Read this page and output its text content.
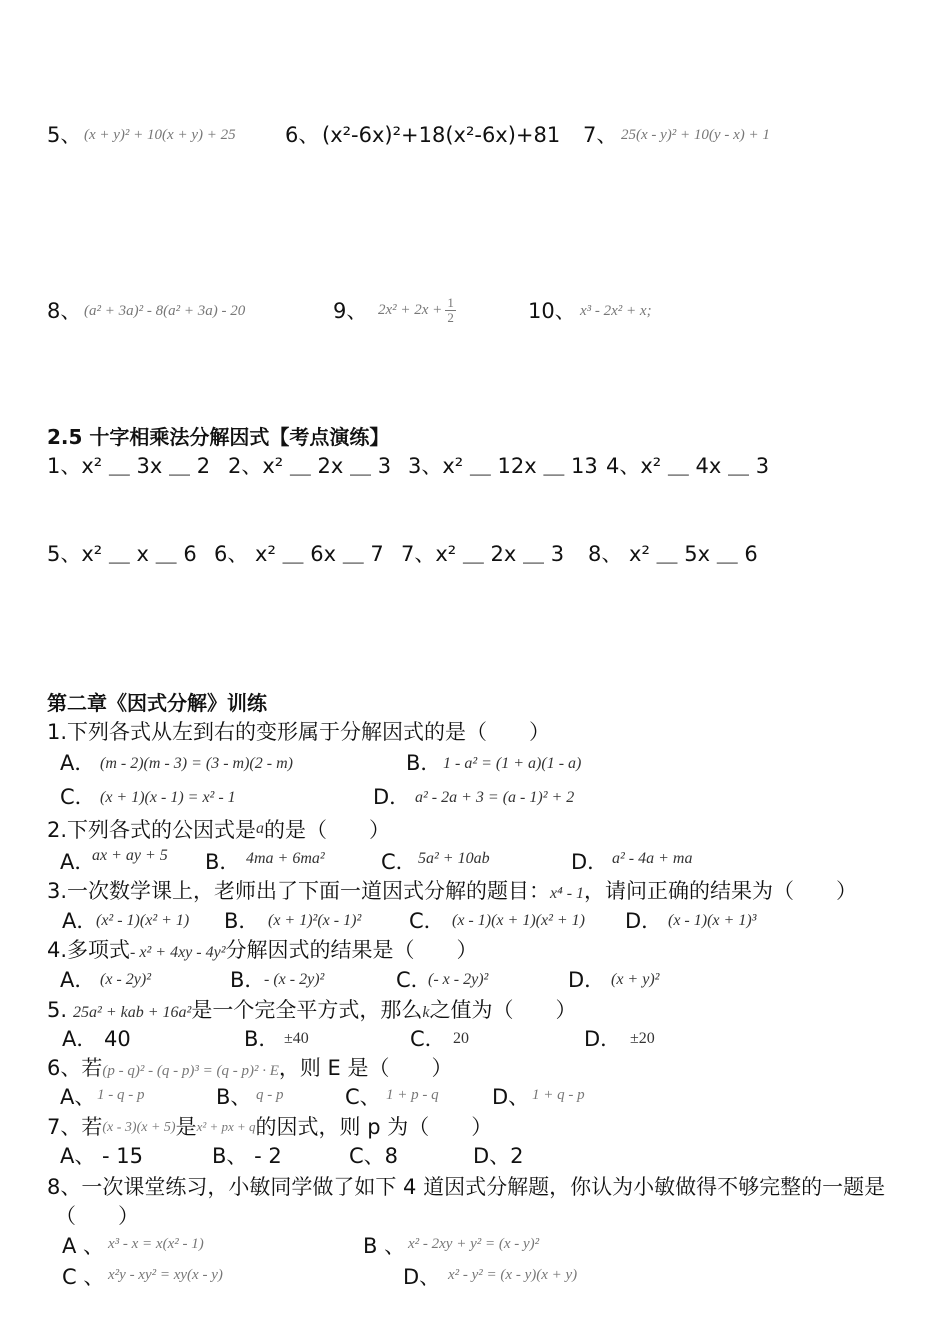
5、 (x + y)² + 10(x + y) + 25 6、 (x²-6x)²+18(x²-6x)+81 7、 25(x - y)² + 10(y - x) + 1
8、 (a² + 3a)² - 8(a² + 3a) - 20	9、 $2x^2 + 2x + \frac{1}{2}$	10、 x³ - 2x² + x;
2.5 十字相乘法分解因式【考点演练】
1、x² ＿ 3x ＿ 2 2、x² ＿ 2x ＿ 3 3、x² ＿ 12x ＿ 13 4、x² ＿ 4x ＿ 3
5、x² ＿ x ＿ 6 6、 x² ＿ 6x ＿ 7 7、x² ＿ 2x ＿ 3 8、 x² ＿ 5x ＿ 6
第二章《因式分解》训练
1.下列各式从左到右的变形属于分解因式的是（　　）
A． (m - 2)(m - 3) = (3 - m)(2 - m)	B． 1 - a² = (1 + a)(1 - a)
C． (x + 1)(x - 1) = x² - 1	D． a² - 2a + 3 = (a - 1)² + 2
2.下列各式的公因式是a的是（　　）
A．
ax + ay + 5 B． 4ma + 6ma²	C． 5a² + 10ab	D． a² - 4a + ma
3.一次数学课上，老师出了下面一道因式分解的题目：x⁴ - 1，请问正确的结果为（　　）
A．
(x² - 1)(x² + 1) B． (x + 1)²(x - 1)² C． (x - 1)(x + 1)(x² + 1) D． (x - 1)(x + 1)³
4.多项式- x² + 4xy - 4y²分解因式的结果是（　　）
A． (x - 2y)²	B．
- (x - 2y)²	C．
(- x - 2y)²	D． (x + y)²
5. 25a² + kab + 16a²是一个完全平方式，那么k之值为（　　）
A． 40	B． ±40	C． 20	D． ±20
6、若(p - q)² - (q - p)³ = (q - p)² · E，则 E 是（　　）
A、 1 - q - p	B、 q - p	C、 1 + p - q	D、 1 + q - p
7、若(x - 3)(x + 5)是x² + px + q的因式，则 p 为（　　）
A、 - 15	B、 - 2	C、8	D、2
8、一次课堂练习，小敏同学做了如下 4 道因式分解题，你认为小敏做得不够完整的一题是
（　　）
A 、 x³ - x = x(x² - 1)	B 、 x² - 2xy + y² = (x - y)²
C 、 x²y - xy² = xy(x - y)	D、 x² - y² = (x - y)(x + y)
